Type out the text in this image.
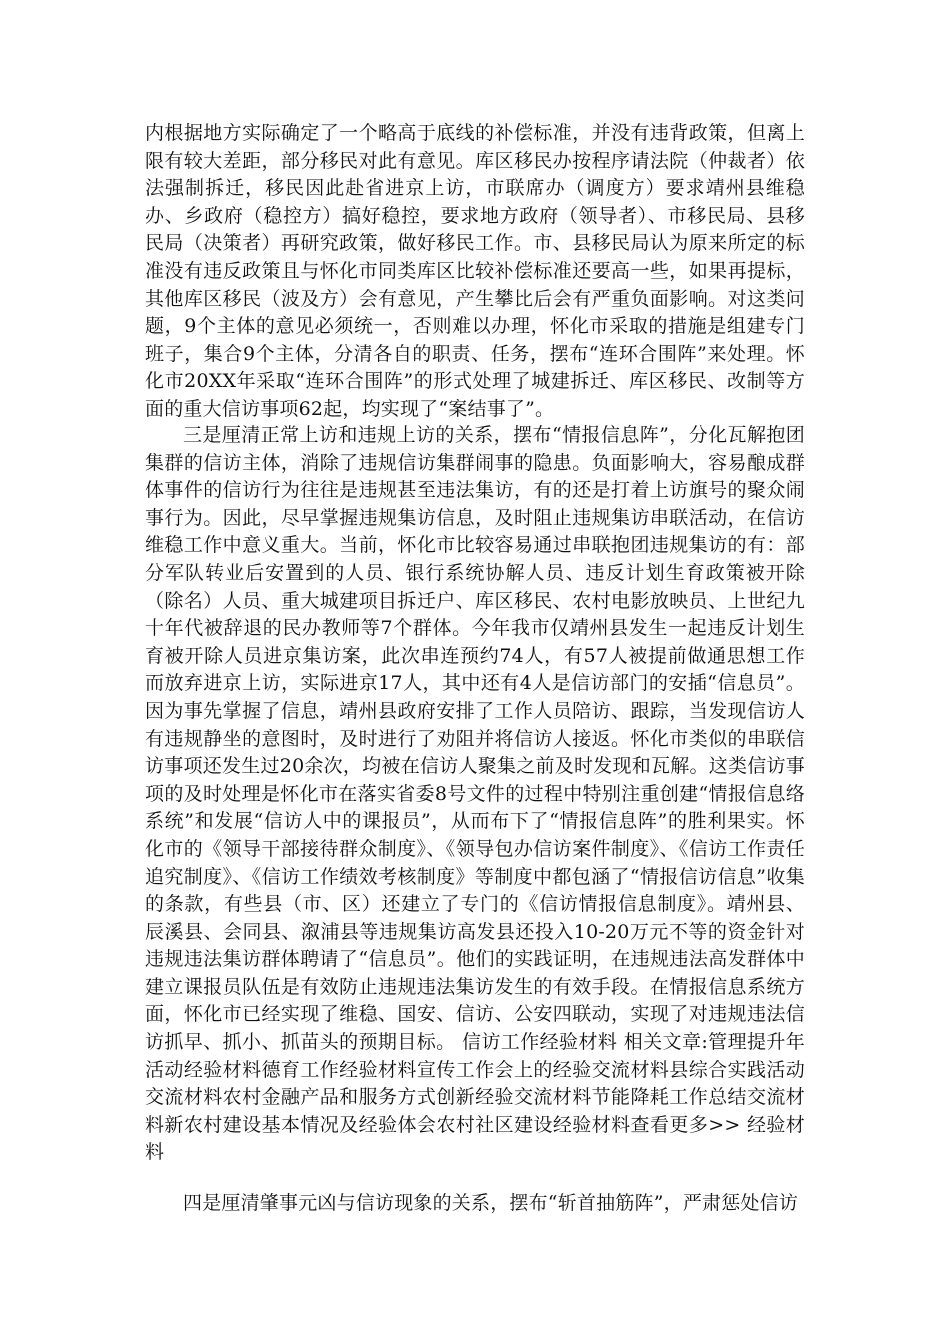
内根据地方实际确定了一个略高于底线的补偿标准，并没有违背政策，但离上限有较大差距，部分移民对此有意见。库区移民办按程序请法院（仲裁者）依法强制拆迁，移民因此赴省进京上访，市联席办（调度方）要求靖州县维稳办、乡政府（稳控方）搞好稳控，要求地方政府（领导者）、市移民局、县移民局（决策者）再研究政策，做好移民工作。市、县移民局认为原来所定的标准没有违反政策且与怀化市同类库区比较补偿标准还要高一些，如果再提标，其他库区移民（波及方）会有意见，产生攀比后会有严重负面影响。对这类问题，9个主体的意见必须统一，否则难以办理，怀化市采取的措施是组建专门班子，集合9个主体，分清各自的职责、任务，摆布“连环合围阵”来处理。怀化市20XX年采取“连环合围阵”的形式处理了城建拆迁、库区移民、改制等方面的重大信访事项62起，均实现了“案结事了”。

三是厘清正常上访和违规上访的关系，摆布“情报信息阵”，分化瓦解抱团集群的信访主体，消除了违规信访集群闹事的隐患。负面影响大，容易酿成群体事件的信访行为往往是违规甚至违法集访，有的还是打着上访旗号的聚众闹事行为。因此，尽早掌握违规集访信息，及时阻止违规集访串联活动，在信访维稳工作中意义重大。当前，怀化市比较容易通过串联抱团违规集访的有：部分军队转业后安置到的人员、银行系统协解人员、违反计划生育政策被开除（除名）人员、重大城建项目拆迁户、库区移民、农村电影放映员、上世纪九十年代被辞退的民办教师等7个群体。今年我市仅靖州县发生一起违反计划生育被开除人员进京集访案，此次串连预约74人，有57人被提前做通思想工作而放弃进京上访，实际进京17人，其中还有4人是信访部门的安插“信息员”。因为事先掌握了信息，靖州县政府安排了工作人员陪访、跟踪，当发现信访人有违规静坐的意图时，及时进行了劝阻并将信访人接返。怀化市类似的串联信访事项还发生过20余次，均被在信访人聚集之前及时发现和瓦解。这类信访事项的及时处理是怀化市在落实省委8号文件的过程中特别注重创建“情报信息络系统”和发展“信访人中的课报员”，从而布下了“情报信息阵”的胜利果实。怀化市的《领导干部接待群众制度》、《领导包办信访案件制度》、《信访工作责任追究制度》、《信访工作绩效考核制度》等制度中都包涵了“情报信访信息”收集的条款，有些县（市、区）还建立了专门的《信访情报信息制度》。靖州县、辰溪县、会同县、溆浦县等违规集访高发县还投入10-20万元不等的资金针对违规违法集访群体聘请了“信息员”。他们的实践证明，在违规违法高发群体中建立课报员队伍是有效防止违规违法集访发生的有效手段。在情报信息系统方面，怀化市已经实现了维稳、国安、信访、公安四联动，实现了对违规违法信访抓早、抓小、抓苗头的预期目标。 信访工作经验材料 相关文章:管理提升年活动经验材料德育工作经验材料宣传工作会上的经验交流材料县综合实践活动交流材料农村金融产品和服务方式创新经验交流材料节能降耗工作总结交流材料新农村建设基本情况及经验体会农村社区建设经验材料查看更多>> 经验材料

四是厘清肇事元凶与信访现象的关系，摆布“斩首抽筋阵”，严肃惩处信访
